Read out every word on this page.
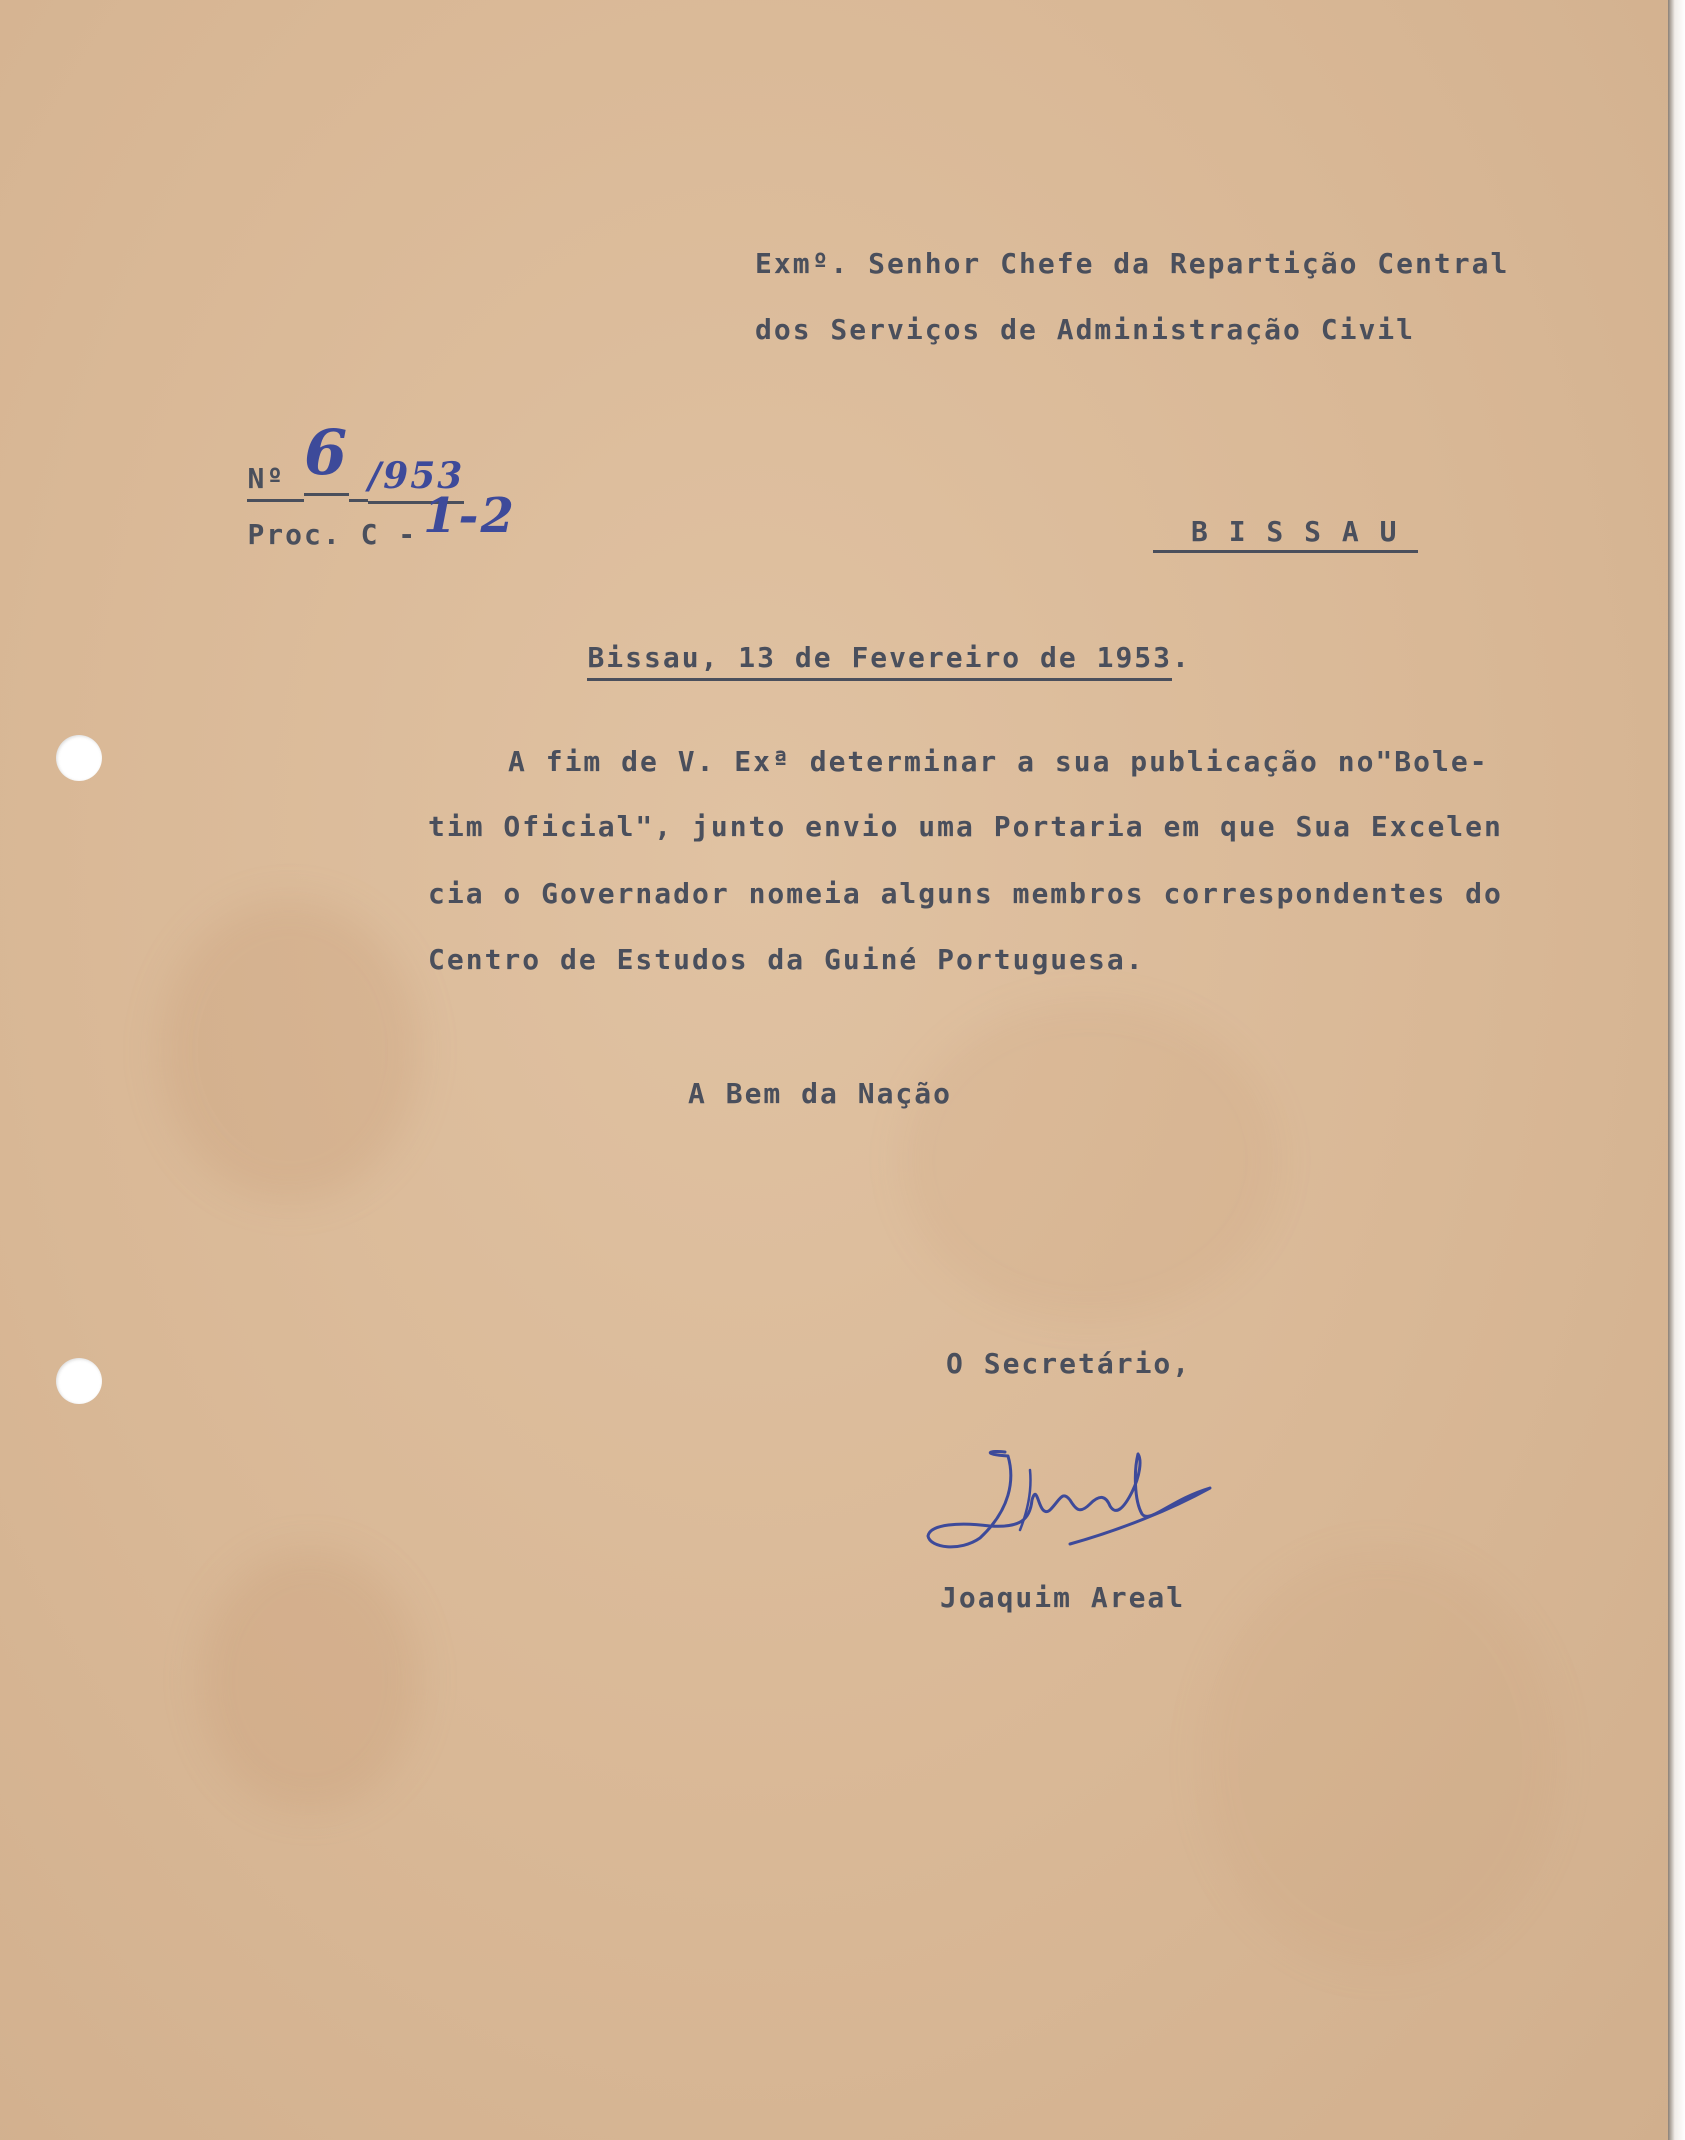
Exmº. Senhor Chefe da Repartição Central
dos Serviços de Administração Civil

Nº 6 /953

Proc. C - 1-2
	B I S S A U

Bissau, 13 de Fevereiro de 1953.

A fim de V. Exª determinar a sua publicação no"Bole-
tim Oficial", junto envio uma Portaria em que Sua Excelen
cia o Governador nomeia alguns membros correspondentes do
Centro de Estudos da Guiné Portuguesa.
A Bem da Nação
O Secretário,
Joaquim Areal
